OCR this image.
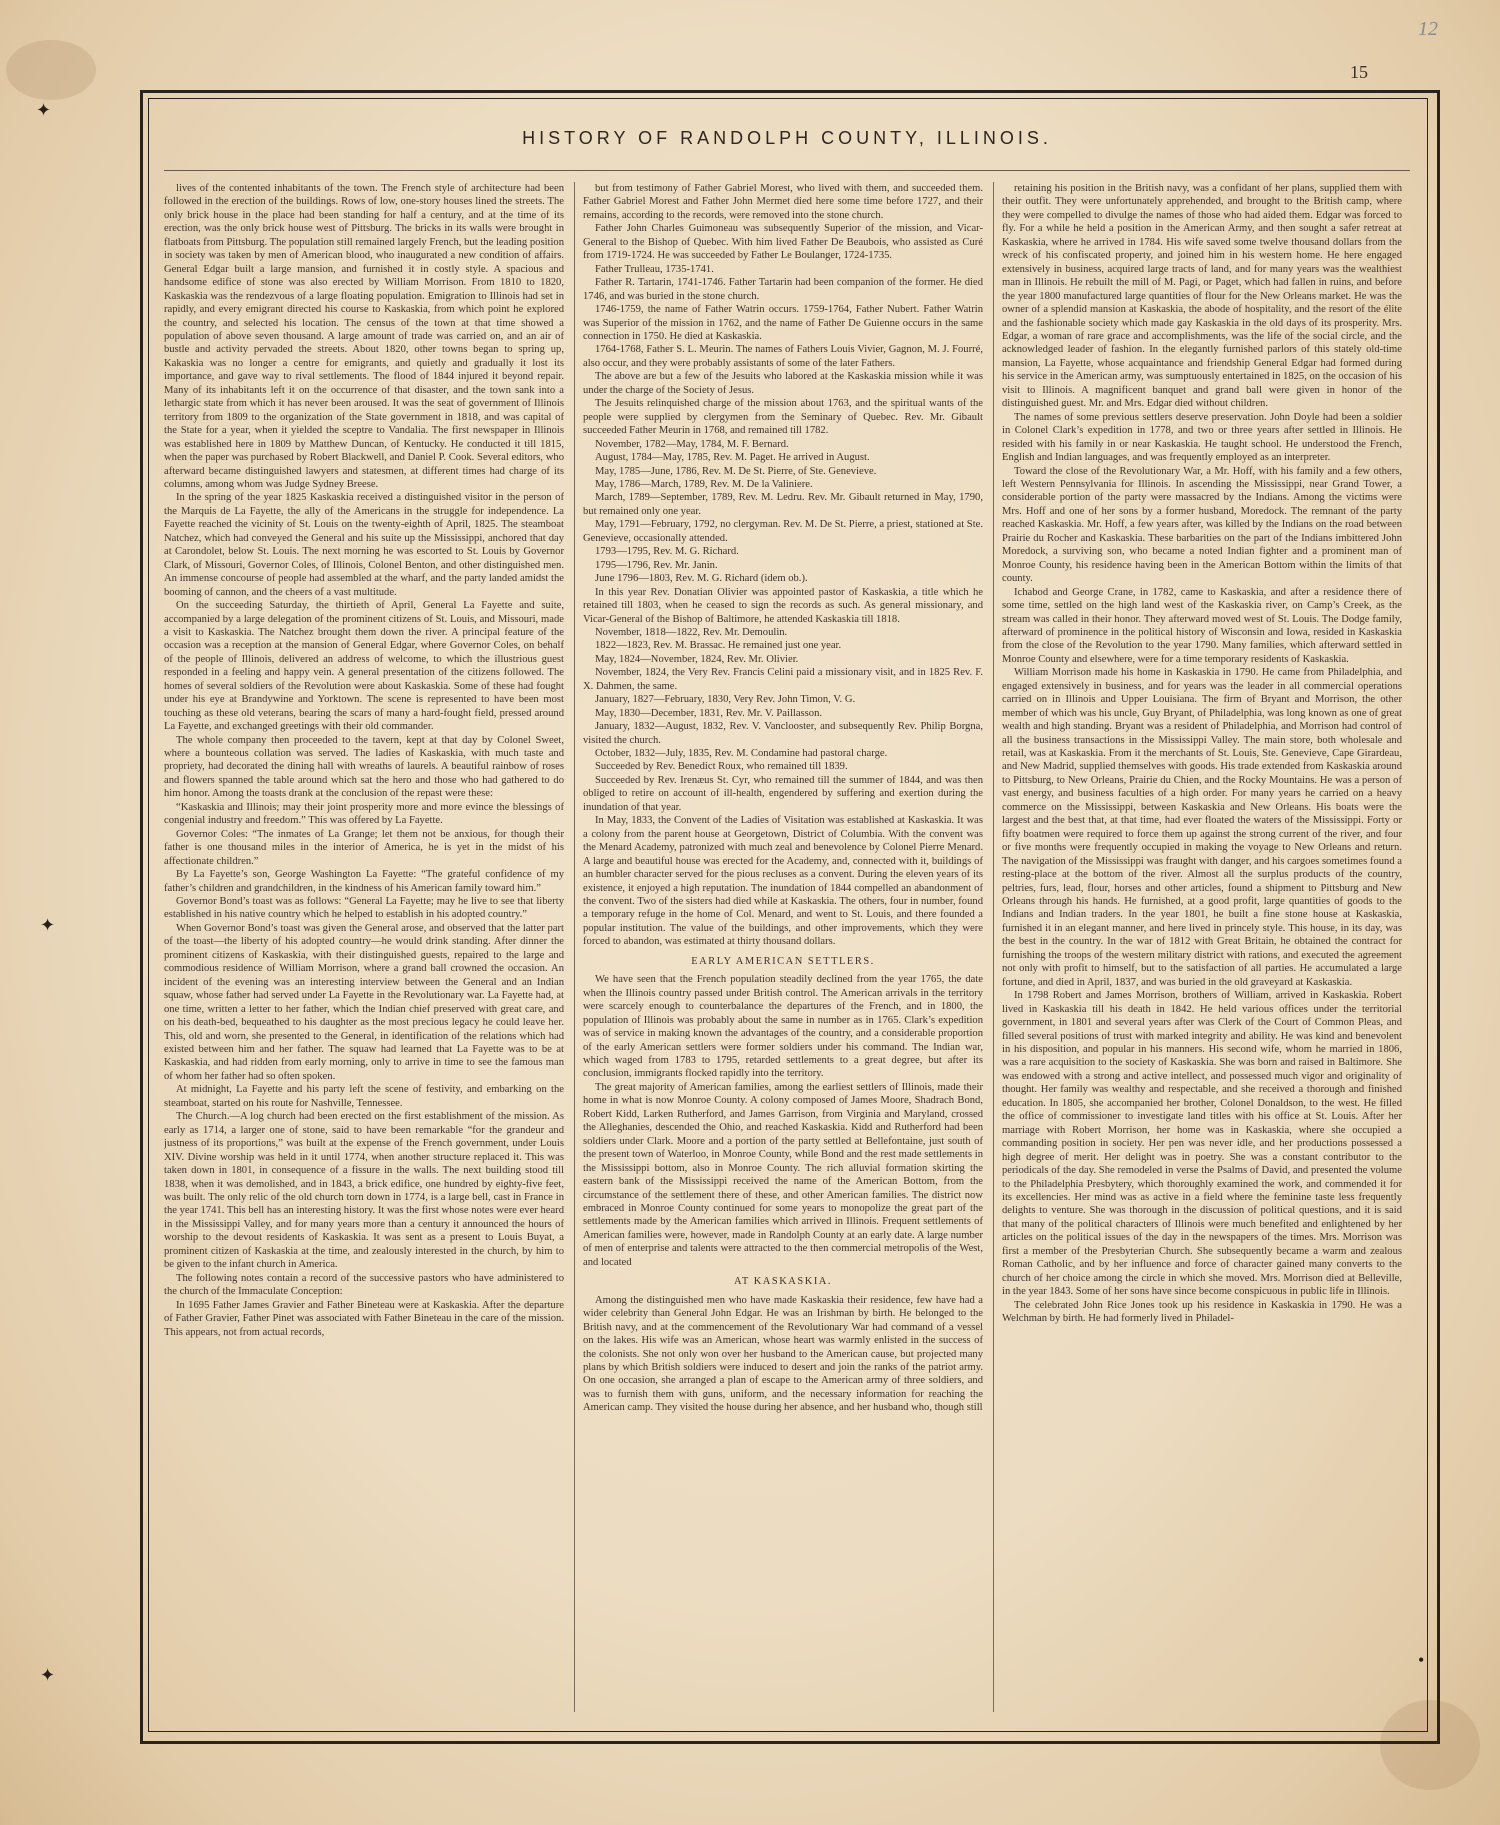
✦
✦
✦
•
12
15
HISTORY OF RANDOLPH COUNTY, ILLINOIS.

lives of the contented inhabitants of the town. The French style of architecture had been followed in the erection of the buildings. Rows of low, one-story houses lined the streets. The only brick house in the place had been standing for half a century, and at the time of its erection, was the only brick house west of Pittsburg. The bricks in its walls were brought in flatboats from Pittsburg. The population still remained largely French, but the leading position in society was taken by men of American blood, who inaugurated a new condition of affairs. General Edgar built a large mansion, and furnished it in costly style. A spacious and handsome edifice of stone was also erected by William Morrison. From 1810 to 1820, Kaskaskia was the rendezvous of a large floating population. Emigration to Illinois had set in rapidly, and every emigrant directed his course to Kaskaskia, from which point he explored the country, and selected his location. The census of the town at that time showed a population of above seven thousand. A large amount of trade was carried on, and an air of bustle and activity pervaded the streets. About 1820, other towns began to spring up, Kakaskia was no longer a centre for emigrants, and quietly and gradually it lost its importance, and gave way to rival settlements. The flood of 1844 injured it beyond repair. Many of its inhabitants left it on the occurrence of that disaster, and the town sank into a lethargic state from which it has never been aroused. It was the seat of government of Illinois territory from 1809 to the organization of the State government in 1818, and was capital of the State for a year, when it yielded the sceptre to Vandalia. The first newspaper in Illinois was established here in 1809 by Matthew Duncan, of Kentucky. He conducted it till 1815, when the paper was purchased by Robert Blackwell, and Daniel P. Cook. Several editors, who afterward became distinguished lawyers and statesmen, at different times had charge of its columns, among whom was Judge Sydney Breese.

In the spring of the year 1825 Kaskaskia received a distinguished visitor in the person of the Marquis de La Fayette, the ally of the Americans in the struggle for independence. La Fayette reached the vicinity of St. Louis on the twenty-eighth of April, 1825. The steamboat Natchez, which had conveyed the General and his suite up the Mississippi, anchored that day at Carondolet, below St. Louis. The next morning he was escorted to St. Louis by Governor Clark, of Missouri, Governor Coles, of Illinois, Colonel Benton, and other distinguished men. An immense concourse of people had assembled at the wharf, and the party landed amidst the booming of cannon, and the cheers of a vast multitude.

On the succeeding Saturday, the thirtieth of April, General La Fayette and suite, accompanied by a large delegation of the prominent citizens of St. Louis, and Missouri, made a visit to Kaskaskia. The Natchez brought them down the river. A principal feature of the occasion was a reception at the mansion of General Edgar, where Governor Coles, on behalf of the people of Illinois, delivered an address of welcome, to which the illustrious guest responded in a feeling and happy vein. A general presentation of the citizens followed. The homes of several soldiers of the Revolution were about Kaskaskia. Some of these had fought under his eye at Brandywine and Yorktown. The scene is represented to have been most touching as these old veterans, bearing the scars of many a hard-fought field, pressed around La Fayette, and exchanged greetings with their old commander.

The whole company then proceeded to the tavern, kept at that day by Colonel Sweet, where a bounteous collation was served. The ladies of Kaskaskia, with much taste and propriety, had decorated the dining hall with wreaths of laurels. A beautiful rainbow of roses and flowers spanned the table around which sat the hero and those who had gathered to do him honor. Among the toasts drank at the conclusion of the repast were these:

“Kaskaskia and Illinois; may their joint prosperity more and more evince the blessings of congenial industry and freedom.” This was offered by La Fayette.

Governor Coles: “The inmates of La Grange; let them not be anxious, for though their father is one thousand miles in the interior of America, he is yet in the midst of his affectionate children.”

By La Fayette’s son, George Washington La Fayette: “The grateful confidence of my father’s children and grandchildren, in the kindness of his American family toward him.”

Governor Bond’s toast was as follows: “General La Fayette; may he live to see that liberty established in his native country which he helped to establish in his adopted country.”

When Governor Bond’s toast was given the General arose, and observed that the latter part of the toast—the liberty of his adopted country—he would drink standing. After dinner the prominent citizens of Kaskaskia, with their distinguished guests, repaired to the large and commodious residence of William Morrison, where a grand ball crowned the occasion. An incident of the evening was an interesting interview between the General and an Indian squaw, whose father had served under La Fayette in the Revolutionary war. La Fayette had, at one time, written a letter to her father, which the Indian chief preserved with great care, and on his death-bed, bequeathed to his daughter as the most precious legacy he could leave her. This, old and worn, she presented to the General, in identification of the relations which had existed between him and her father. The squaw had learned that La Fayette was to be at Kaskaskia, and had ridden from early morning, only to arrive in time to see the famous man of whom her father had so often spoken.

At midnight, La Fayette and his party left the scene of festivity, and embarking on the steamboat, started on his route for Nashville, Tennessee.

The Church.—A log church had been erected on the first establishment of the mission. As early as 1714, a larger one of stone, said to have been remarkable “for the grandeur and justness of its proportions,” was built at the expense of the French government, under Louis XIV. Divine worship was held in it until 1774, when another structure replaced it. This was taken down in 1801, in consequence of a fissure in the walls. The next building stood till 1838, when it was demolished, and in 1843, a brick edifice, one hundred by eighty-five feet, was built. The only relic of the old church torn down in 1774, is a large bell, cast in France in the year 1741. This bell has an interesting history. It was the first whose notes were ever heard in the Mississippi Valley, and for many years more than a century it announced the hours of worship to the devout residents of Kaskaskia. It was sent as a present to Louis Buyat, a prominent citizen of Kaskaskia at the time, and zealously interested in the church, by him to be given to the infant church in America.

The following notes contain a record of the successive pastors who have administered to the church of the Immaculate Conception:

In 1695 Father James Gravier and Father Bineteau were at Kaskaskia. After the departure of Father Gravier, Father Pinet was associated with Father Bineteau in the care of the mission. This appears, not from actual records,

but from testimony of Father Gabriel Morest, who lived with them, and succeeded them. Father Gabriel Morest and Father John Mermet died here some time before 1727, and their remains, according to the records, were removed into the stone church.

Father John Charles Guimoneau was subsequently Superior of the mission, and Vicar-General to the Bishop of Quebec. With him lived Father De Beaubois, who assisted as Curé from 1719-1724. He was succeeded by Father Le Boulanger, 1724-1735.

Father Trulleau, 1735-1741.

Father R. Tartarin, 1741-1746. Father Tartarin had been companion of the former. He died 1746, and was buried in the stone church.

1746-1759, the name of Father Watrin occurs. 1759-1764, Father Nubert. Father Watrin was Superior of the mission in 1762, and the name of Father De Guienne occurs in the same connection in 1750. He died at Kaskaskia.

1764-1768, Father S. L. Meurin. The names of Fathers Louis Vivier, Gagnon, M. J. Fourré, also occur, and they were probably assistants of some of the later Fathers.

The above are but a few of the Jesuits who labored at the Kaskaskia mission while it was under the charge of the Society of Jesus.

The Jesuits relinquished charge of the mission about 1763, and the spiritual wants of the people were supplied by clergymen from the Seminary of Quebec. Rev. Mr. Gibault succeeded Father Meurin in 1768, and remained till 1782.

November, 1782—May, 1784, M. F. Bernard.

August, 1784—May, 1785, Rev. M. Paget. He arrived in August.

May, 1785—June, 1786, Rev. M. De St. Pierre, of Ste. Genevieve.

May, 1786—March, 1789, Rev. M. De la Valiniere.

March, 1789—September, 1789, Rev. M. Ledru. Rev. Mr. Gibault returned in May, 1790, but remained only one year.

May, 1791—February, 1792, no clergyman. Rev. M. De St. Pierre, a priest, stationed at Ste. Genevieve, occasionally attended.

1793—1795, Rev. M. G. Richard.

1795—1796, Rev. Mr. Janin.

June 1796—1803, Rev. M. G. Richard (idem ob.).

In this year Rev. Donatian Olivier was appointed pastor of Kaskaskia, a title which he retained till 1803, when he ceased to sign the records as such. As general missionary, and Vicar-General of the Bishop of Baltimore, he attended Kaskaskia till 1818.

November, 1818—1822, Rev. Mr. Demoulin.

1822—1823, Rev. M. Brassac. He remained just one year.

May, 1824—November, 1824, Rev. Mr. Olivier.

November, 1824, the Very Rev. Francis Celini paid a missionary visit, and in 1825 Rev. F. X. Dahmen, the same.

January, 1827—February, 1830, Very Rev. John Timon, V. G.

May, 1830—December, 1831, Rev. Mr. V. Paillasson.

January, 1832—August, 1832, Rev. V. Vanclooster, and subsequently Rev. Philip Borgna, visited the church.

October, 1832—July, 1835, Rev. M. Condamine had pastoral charge.

Succeeded by Rev. Benedict Roux, who remained till 1839.

Succeeded by Rev. Irenæus St. Cyr, who remained till the summer of 1844, and was then obliged to retire on account of ill-health, engendered by suffering and exertion during the inundation of that year.

In May, 1833, the Convent of the Ladies of Visitation was established at Kaskaskia. It was a colony from the parent house at Georgetown, District of Columbia. With the convent was the Menard Academy, patronized with much zeal and benevolence by Colonel Pierre Menard. A large and beautiful house was erected for the Academy, and, connected with it, buildings of an humbler character served for the pious recluses as a convent. During the eleven years of its existence, it enjoyed a high reputation. The inundation of 1844 compelled an abandonment of the convent. Two of the sisters had died while at Kaskaskia. The others, four in number, found a temporary refuge in the home of Col. Menard, and went to St. Louis, and there founded a popular institution. The value of the buildings, and other improvements, which they were forced to abandon, was estimated at thirty thousand dollars.

EARLY AMERICAN SETTLERS.

We have seen that the French population steadily declined from the year 1765, the date when the Illinois country passed under British control. The American arrivals in the territory were scarcely enough to counterbalance the departures of the French, and in 1800, the population of Illinois was probably about the same in number as in 1765. Clark’s expedition was of service in making known the advantages of the country, and a considerable proportion of the early American settlers were former soldiers under his command. The Indian war, which waged from 1783 to 1795, retarded settlements to a great degree, but after its conclusion, immigrants flocked rapidly into the territory.

The great majority of American families, among the earliest settlers of Illinois, made their home in what is now Monroe County. A colony composed of James Moore, Shadrach Bond, Robert Kidd, Larken Rutherford, and James Garrison, from Virginia and Maryland, crossed the Alleghanies, descended the Ohio, and reached Kaskaskia. Kidd and Rutherford had been soldiers under Clark. Moore and a portion of the party settled at Bellefontaine, just south of the present town of Waterloo, in Monroe County, while Bond and the rest made settlements in the Mississippi bottom, also in Monroe County. The rich alluvial formation skirting the eastern bank of the Mississippi received the name of the American Bottom, from the circumstance of the settlement there of these, and other American families. The district now embraced in Monroe County continued for some years to monopolize the great part of the settlements made by the American families which arrived in Illinois. Frequent settlements of American families were, however, made in Randolph County at an early date. A large number of men of enterprise and talents were attracted to the then commercial metropolis of the West, and located

AT KASKASKIA.

Among the distinguished men who have made Kaskaskia their residence, few have had a wider celebrity than General John Edgar. He was an Irishman by birth. He belonged to the British navy, and at the commencement of the Revolutionary War had command of a vessel on the lakes. His wife was an American, whose heart was warmly enlisted in the success of the colonists. She not only won over her husband to the American cause, but projected many plans by which British soldiers were induced to desert and join the ranks of the patriot army. On one occasion, she arranged a plan of escape to the American army of three soldiers, and was to furnish them with guns, uniform, and the necessary information for reaching the American camp. They visited the house during her absence, and her husband who, though still

retaining his position in the British navy, was a confidant of her plans, supplied them with their outfit. They were unfortunately apprehended, and brought to the British camp, where they were compelled to divulge the names of those who had aided them. Edgar was forced to fly. For a while he held a position in the American Army, and then sought a safer retreat at Kaskaskia, where he arrived in 1784. His wife saved some twelve thousand dollars from the wreck of his confiscated property, and joined him in his western home. He here engaged extensively in business, acquired large tracts of land, and for many years was the wealthiest man in Illinois. He rebuilt the mill of M. Pagi, or Paget, which had fallen in ruins, and before the year 1800 manufactured large quantities of flour for the New Orleans market. He was the owner of a splendid mansion at Kaskaskia, the abode of hospitality, and the resort of the élite and the fashionable society which made gay Kaskaskia in the old days of its prosperity. Mrs. Edgar, a woman of rare grace and accomplishments, was the life of the social circle, and the acknowledged leader of fashion. In the elegantly furnished parlors of this stately old-time mansion, La Fayette, whose acquaintance and friendship General Edgar had formed during his service in the American army, was sumptuously entertained in 1825, on the occasion of his visit to Illinois. A magnificent banquet and grand ball were given in honor of the distinguished guest. Mr. and Mrs. Edgar died without children.

The names of some previous settlers deserve preservation. John Doyle had been a soldier in Colonel Clark’s expedition in 1778, and two or three years after settled in Illinois. He resided with his family in or near Kaskaskia. He taught school. He understood the French, English and Indian languages, and was frequently employed as an interpreter.

Toward the close of the Revolutionary War, a Mr. Hoff, with his family and a few others, left Western Pennsylvania for Illinois. In ascending the Mississippi, near Grand Tower, a considerable portion of the party were massacred by the Indians. Among the victims were Mrs. Hoff and one of her sons by a former husband, Moredock. The remnant of the party reached Kaskaskia. Mr. Hoff, a few years after, was killed by the Indians on the road between Prairie du Rocher and Kaskaskia. These barbarities on the part of the Indians imbittered John Moredock, a surviving son, who became a noted Indian fighter and a prominent man of Monroe County, his residence having been in the American Bottom within the limits of that county.

Ichabod and George Crane, in 1782, came to Kaskaskia, and after a residence there of some time, settled on the high land west of the Kaskaskia river, on Camp’s Creek, as the stream was called in their honor. They afterward moved west of St. Louis. The Dodge family, afterward of prominence in the political history of Wisconsin and Iowa, resided in Kaskaskia from the close of the Revolution to the year 1790. Many families, which afterward settled in Monroe County and elsewhere, were for a time temporary residents of Kaskaskia.

William Morrison made his home in Kaskaskia in 1790. He came from Philadelphia, and engaged extensively in business, and for years was the leader in all commercial operations carried on in Illinois and Upper Louisiana. The firm of Bryant and Morrison, the other member of which was his uncle, Guy Bryant, of Philadelphia, was long known as one of great wealth and high standing. Bryant was a resident of Philadelphia, and Morrison had control of all the business transactions in the Mississippi Valley. The main store, both wholesale and retail, was at Kaskaskia. From it the merchants of St. Louis, Ste. Genevieve, Cape Girardeau, and New Madrid, supplied themselves with goods. His trade extended from Kaskaskia around to Pittsburg, to New Orleans, Prairie du Chien, and the Rocky Mountains. He was a person of vast energy, and business faculties of a high order. For many years he carried on a heavy commerce on the Mississippi, between Kaskaskia and New Orleans. His boats were the largest and the best that, at that time, had ever floated the waters of the Mississippi. Forty or fifty boatmen were required to force them up against the strong current of the river, and four or five months were frequently occupied in making the voyage to New Orleans and return. The navigation of the Mississippi was fraught with danger, and his cargoes sometimes found a resting-place at the bottom of the river. Almost all the surplus products of the country, peltries, furs, lead, flour, horses and other articles, found a shipment to Pittsburg and New Orleans through his hands. He furnished, at a good profit, large quantities of goods to the Indians and Indian traders. In the year 1801, he built a fine stone house at Kaskaskia, furnished it in an elegant manner, and here lived in princely style. This house, in its day, was the best in the country. In the war of 1812 with Great Britain, he obtained the contract for furnishing the troops of the western military district with rations, and executed the agreement not only with profit to himself, but to the satisfaction of all parties. He accumulated a large fortune, and died in April, 1837, and was buried in the old graveyard at Kaskaskia.

In 1798 Robert and James Morrison, brothers of William, arrived in Kaskaskia. Robert lived in Kaskaskia till his death in 1842. He held various offices under the territorial government, in 1801 and several years after was Clerk of the Court of Common Pleas, and filled several positions of trust with marked integrity and ability. He was kind and benevolent in his disposition, and popular in his manners. His second wife, whom he married in 1806, was a rare acquisition to the society of Kaskaskia. She was born and raised in Baltimore. She was endowed with a strong and active intellect, and possessed much vigor and originality of thought. Her family was wealthy and respectable, and she received a thorough and finished education. In 1805, she accompanied her brother, Colonel Donaldson, to the west. He filled the office of commissioner to investigate land titles with his office at St. Louis. After her marriage with Robert Morrison, her home was in Kaskaskia, where she occupied a commanding position in society. Her pen was never idle, and her productions possessed a high degree of merit. Her delight was in poetry. She was a constant contributor to the periodicals of the day. She remodeled in verse the Psalms of David, and presented the volume to the Philadelphia Presbytery, which thoroughly examined the work, and commended it for its excellencies. Her mind was as active in a field where the feminine taste less frequently delights to venture. She was thorough in the discussion of political questions, and it is said that many of the political characters of Illinois were much benefited and enlightened by her articles on the political issues of the day in the newspapers of the times. Mrs. Morrison was first a member of the Presbyterian Church. She subsequently became a warm and zealous Roman Catholic, and by her influence and force of character gained many converts to the church of her choice among the circle in which she moved. Mrs. Morrison died at Belleville, in the year 1843. Some of her sons have since become conspicuous in public life in Illinois.

The celebrated John Rice Jones took up his residence in Kaskaskia in 1790. He was a Welchman by birth. He had formerly lived in Philadel-
